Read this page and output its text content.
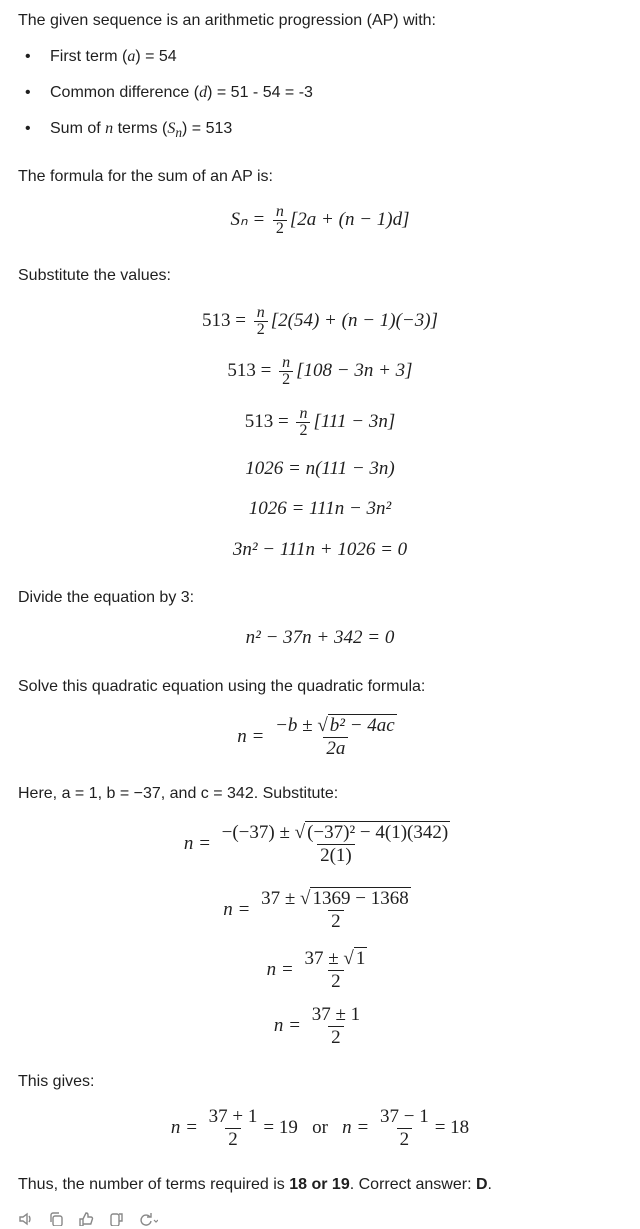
The given sequence is an arithmetic progression (AP) with:

• First term (a) = 54
• Common difference (d) = 51 - 54 = -3
• Sum of n terms $(S_n) = 513$

The formula for the sum of an AP is:

$S_n = \frac{n}{2} [2a + (n - 1)d]$

Substitute the values:

$513 = \frac{n}{2} [2(54) + (n - 1)(-3)]$
$513 = \frac{n}{2} [108 - 3n + 3]$
$513 = \frac{n}{2} [111 - 3n]$
1026 = n(111 − 3n)
1026 = 111n − 3n²
3n² − 111n + 1026 = 0

Divide the equation by 3:

n² − 37n + 342 = 0

Solve this quadratic equation using the quadratic formula:

$n = \frac{\text{−b ± √ b² − 4ac}}{2a}$

Here, a = 1, b = −37, and c = 342. Substitute:

$n = \frac{\text{−(−37) ± √ (−37)² − 4(1)(342)}}{2(1)}$
$n = \frac{37 \pm √ 1369 - 1368}{2}$
$n = \frac{37 \pm √ 1}{2}$
$n = \frac{37 \pm 1}{2}$

This gives:

$n = \frac{37 + 1}{2} = 19$ or $n = \frac{37 - 1}{2} = 18$

Thus, the number of terms required is 18 or 19. Correct answer: D.
